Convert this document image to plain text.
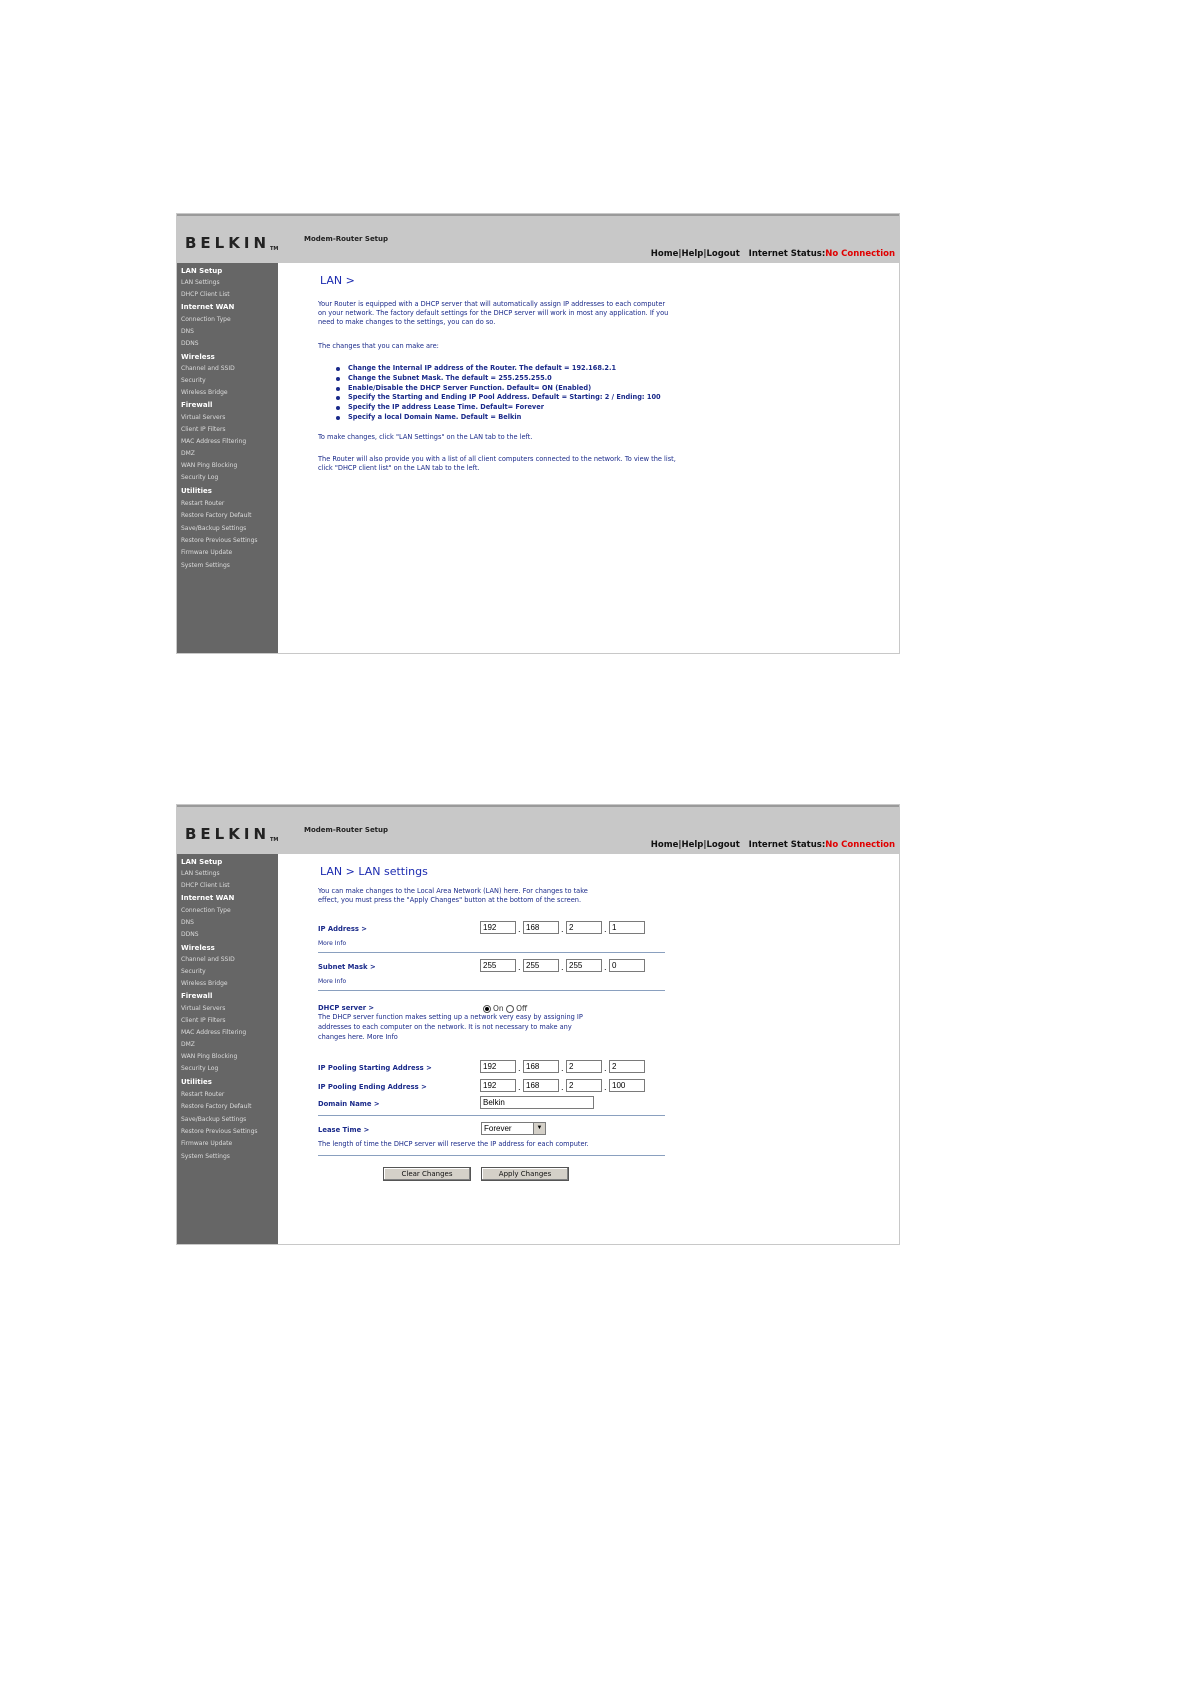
BELKINTM
Modem-Router Setup
Home|Help|Logout Internet Status:No Connection
LAN Setup
LAN Settings
DHCP Client List
Internet WAN
Connection Type
DNS
DDNS
Wireless
Channel and SSID
Security
Wireless Bridge
Firewall
Virtual Servers
Client IP Filters
MAC Address Filtering
DMZ
WAN Ping Blocking
Security Log
Utilities
Restart Router
Restore Factory Default
Save/Backup Settings
Restore Previous Settings
Firmware Update
System Settings
LAN >
Your Router is equipped with a DHCP server that will automatically assign IP addresses to each computer
on your network. The factory default settings for the DHCP server will work in most any application. If you
need to make changes to the settings, you can do so.
The changes that you can make are:
Change the Internal IP address of the Router. The default = 192.168.2.1
Change the Subnet Mask. The default = 255.255.255.0
Enable/Disable the DHCP Server Function. Default= ON (Enabled)
Specify the Starting and Ending IP Pool Address. Default = Starting: 2 / Ending: 100
Specify the IP address Lease Time. Default= Forever
Specify a local Domain Name. Default = Belkin
To make changes, click "LAN Settings" on the LAN tab to the left.
The Router will also provide you with a list of all client computers connected to the network. To view the list,
click "DHCP client list" on the LAN tab to the left.
BELKINTM
Modem-Router Setup
Home|Help|Logout Internet Status:No Connection
LAN Setup
LAN Settings
DHCP Client List
Internet WAN
Connection Type
DNS
DDNS
Wireless
Channel and SSID
Security
Wireless Bridge
Firewall
Virtual Servers
Client IP Filters
MAC Address Filtering
DMZ
WAN Ping Blocking
Security Log
Utilities
Restart Router
Restore Factory Default
Save/Backup Settings
Restore Previous Settings
Firmware Update
System Settings
LAN > LAN settings
You can make changes to the Local Area Network (LAN) here. For changes to take
effect, you must press the "Apply Changes" button at the bottom of the screen.
IP Address >
More Info
192	. 168	. 2	. 1
Subnet Mask >
More Info
255	. 255	. 255	. 0
DHCP server >	On Off
The DHCP server function makes setting up a network very easy by assigning IP
addresses to each computer on the network. It is not necessary to make any
changes here. More Info
IP Pooling Starting Address >	192	. 168	. 2	. 2
IP Pooling Ending Address >	192	. 168	. 2	. 100
Domain Name >	Belkin
Lease Time >	Forever	▼
The length of time the DHCP server will reserve the IP address for each computer.
Clear Changes	Apply Changes
